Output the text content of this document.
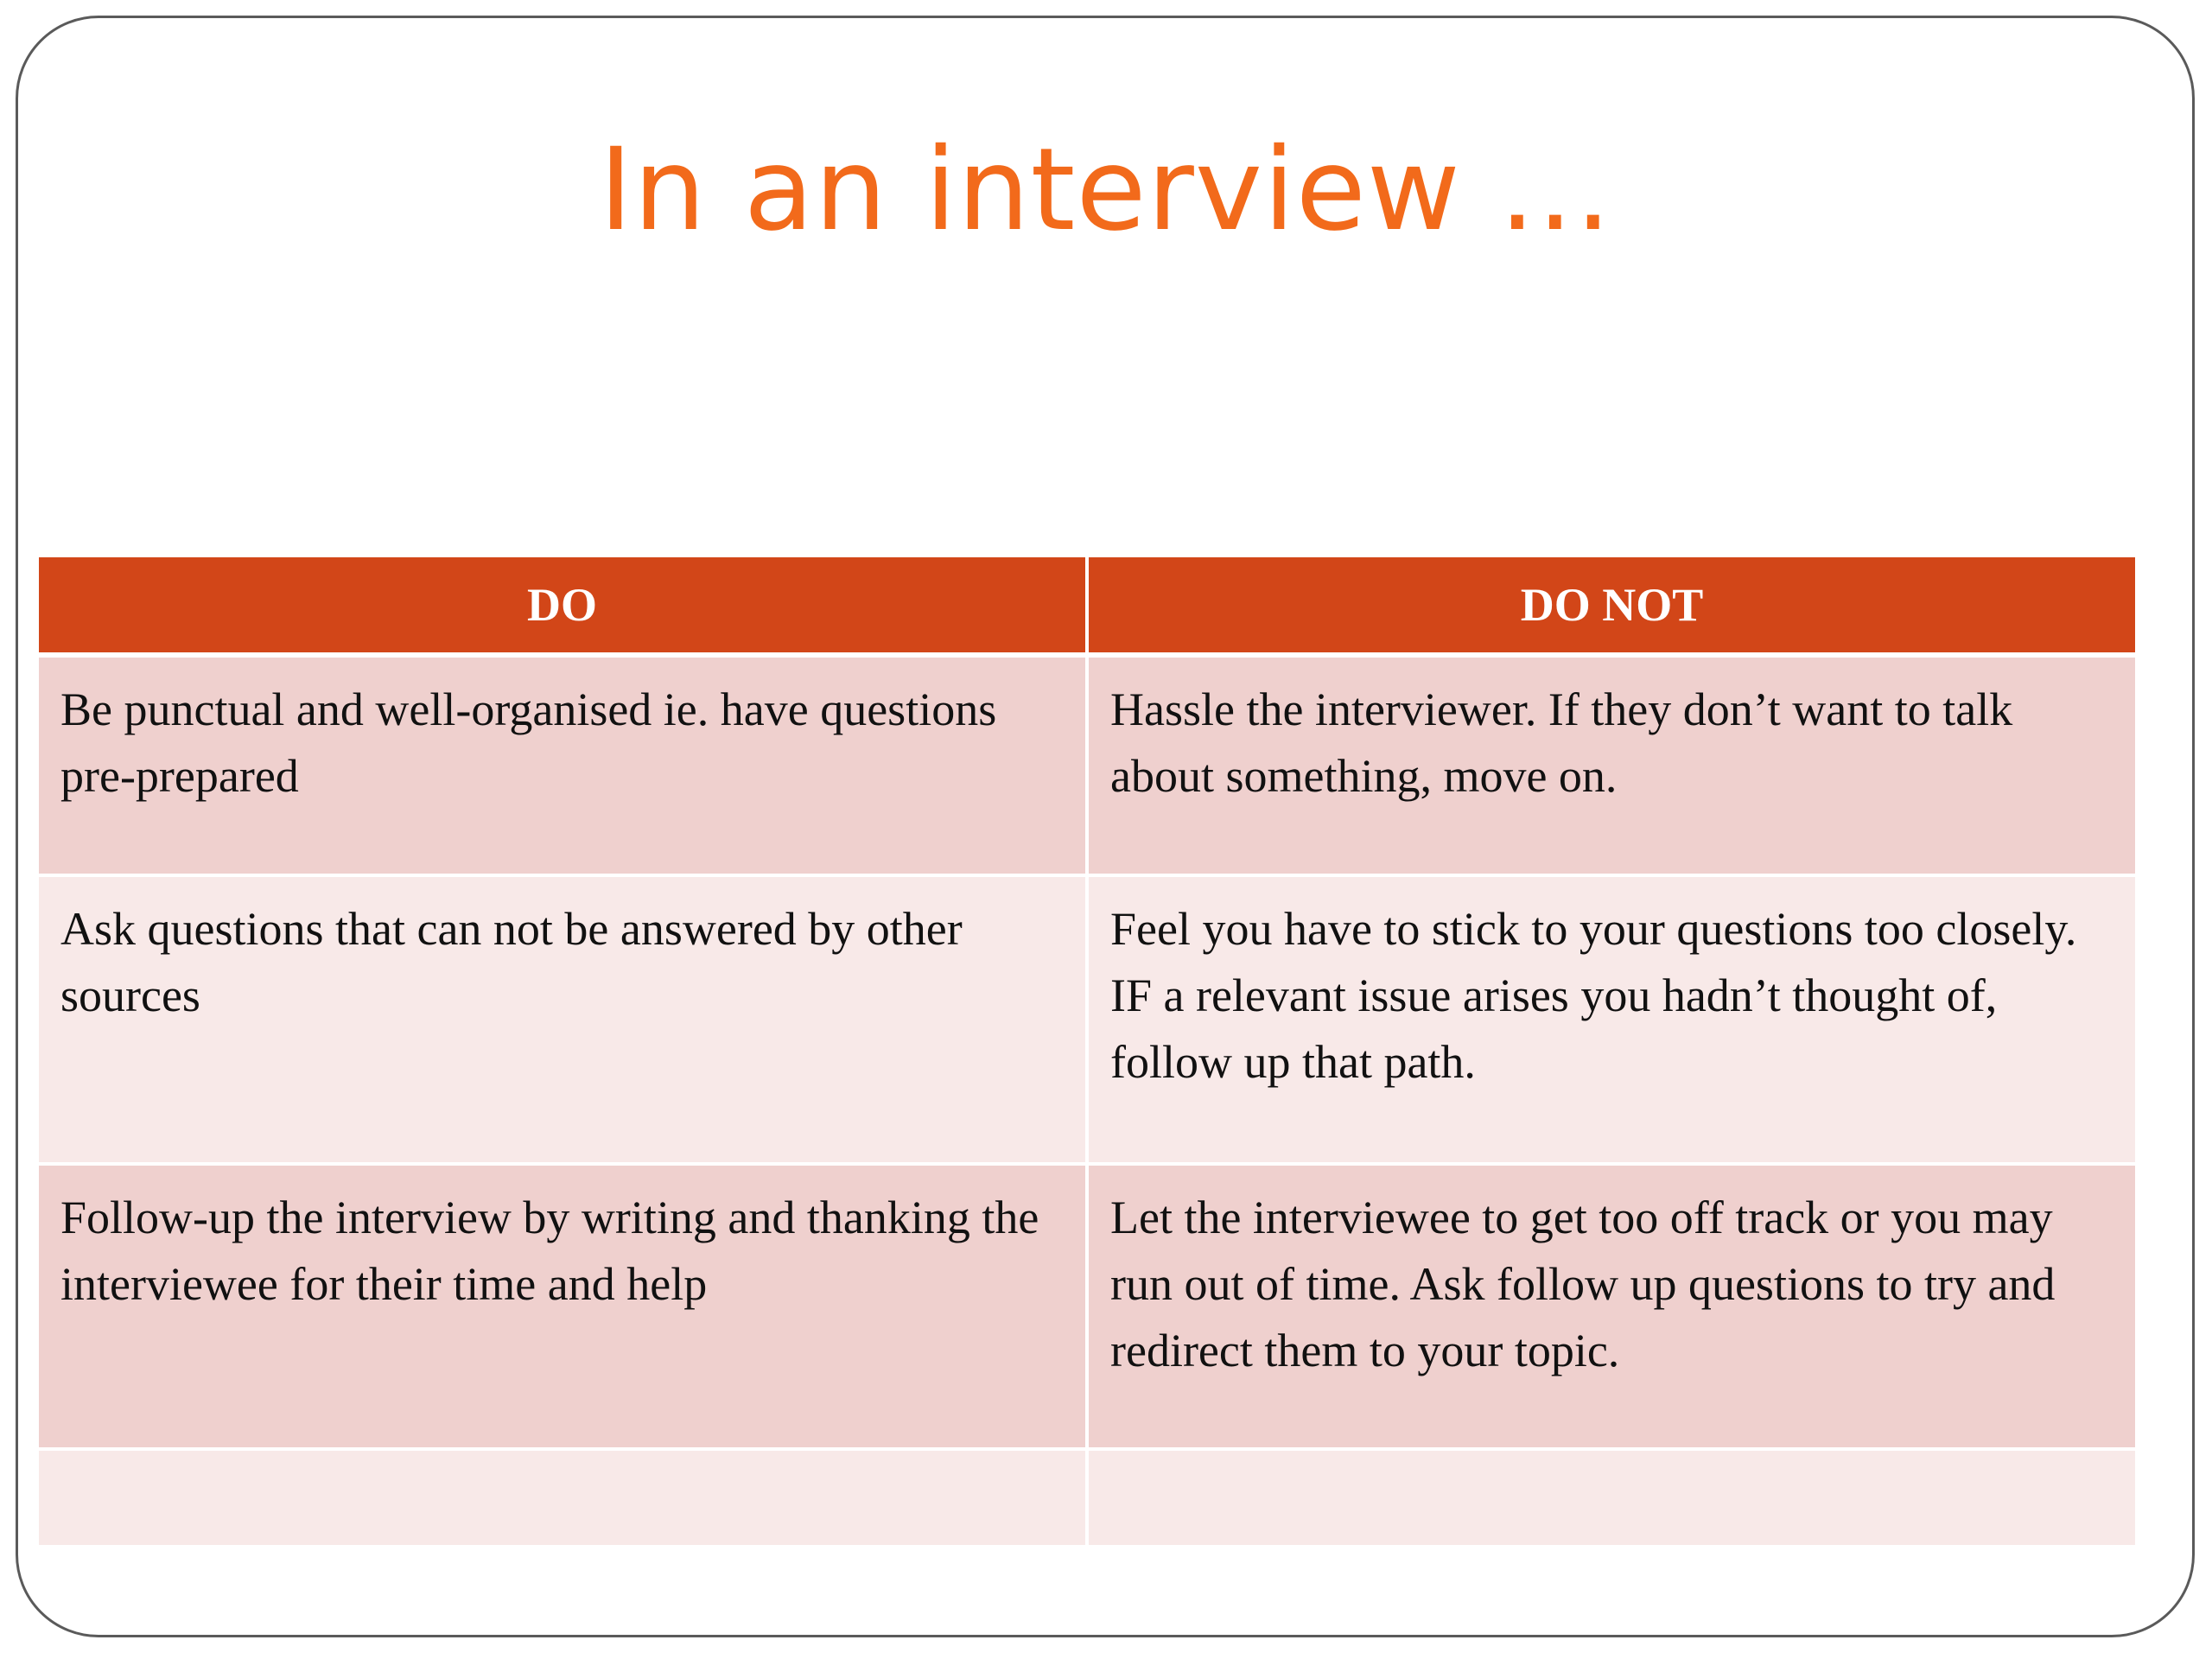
In an interview …
DO	DO NOT
Be punctual and well-organised ie. have questions pre-prepared	Hassle the interviewer. If they don’t want to talk about something, move on.
Ask questions that can not be answered by other sources	Feel you have to stick to your questions too closely. IF a relevant issue arises you hadn’t thought of, follow up that path.
Follow-up the interview by writing and thanking the interviewee for their time and help	Let the interviewee to get too off track or you may run out of time. Ask follow up questions to try and redirect them to your topic.
